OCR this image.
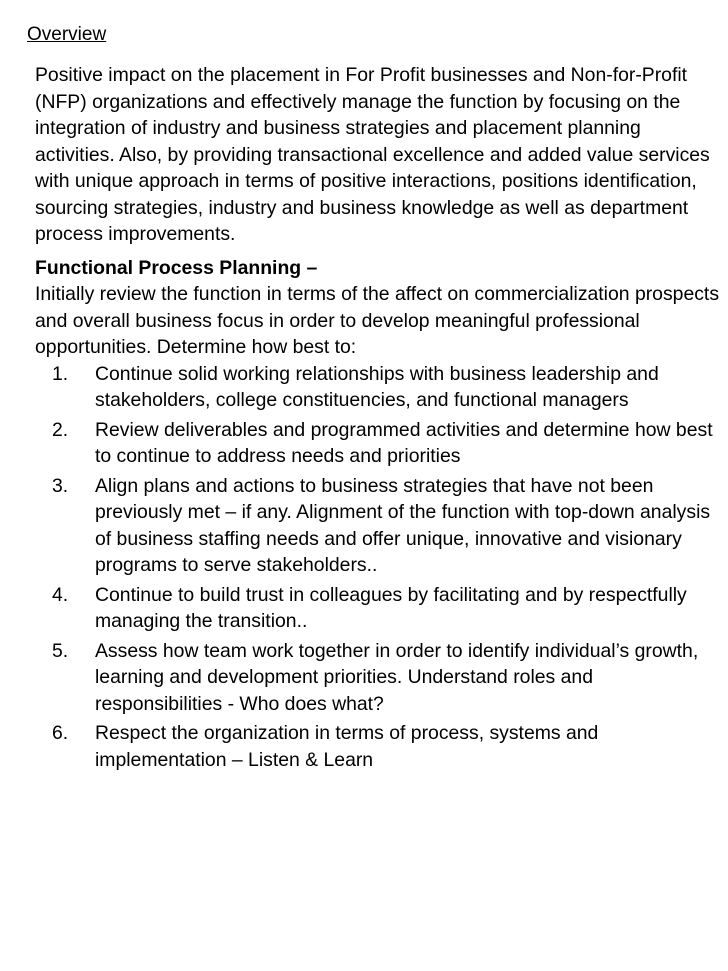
Overview

Positive impact on the placement in For Profit businesses and Non-for-Profit (NFP) organizations and effectively manage the function by focusing on the integration of industry and business strategies and placement planning activities. Also, by providing transactional excellence and added value services with unique approach in terms of positive interactions, positions identification, sourcing strategies, industry and business knowledge as well as department process improvements.

Functional Process Planning –

Initially review the function in terms of the affect on commercialization prospects and overall business focus in order to develop meaningful professional opportunities. Determine how best to:

1. Continue solid working relationships with business leadership and stakeholders, college constituencies, and functional managers
2. Review deliverables and programmed activities and determine how best to continue to address needs and priorities
3. Align plans and actions to business strategies that have not been previously met – if any. Alignment of the function with top-down analysis of business staffing needs and offer unique, innovative and visionary programs to serve stakeholders..
4. Continue to build trust in colleagues by facilitating and by respectfully managing the transition..
5. Assess how team work together in order to identify individual’s growth, learning and development priorities. Understand roles and responsibilities - Who does what?
6. Respect the organization in terms of process, systems and implementation – Listen & Learn
